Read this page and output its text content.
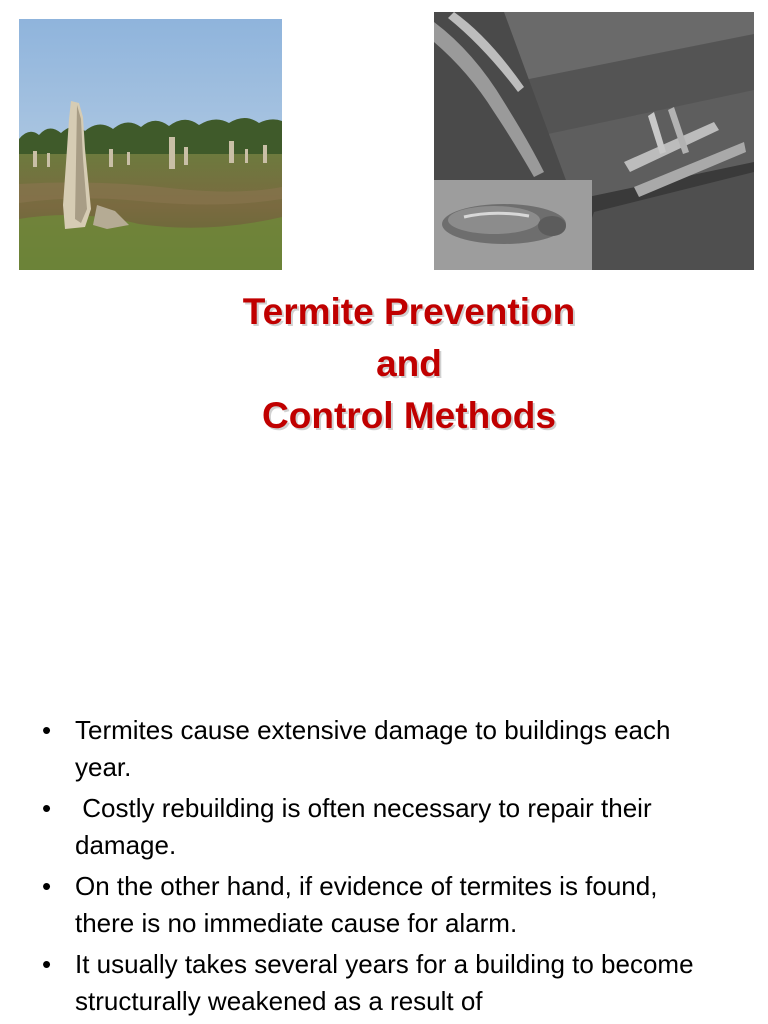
Termite Prevention
and
Control Methods
• Termites cause extensive damage to buildings each year.
• Costly rebuilding is often necessary to repair their damage.
• On the other hand, if evidence of termites is found, there is no immediate cause for alarm.
• It usually takes several years for a building to become structurally weakened as a result of
